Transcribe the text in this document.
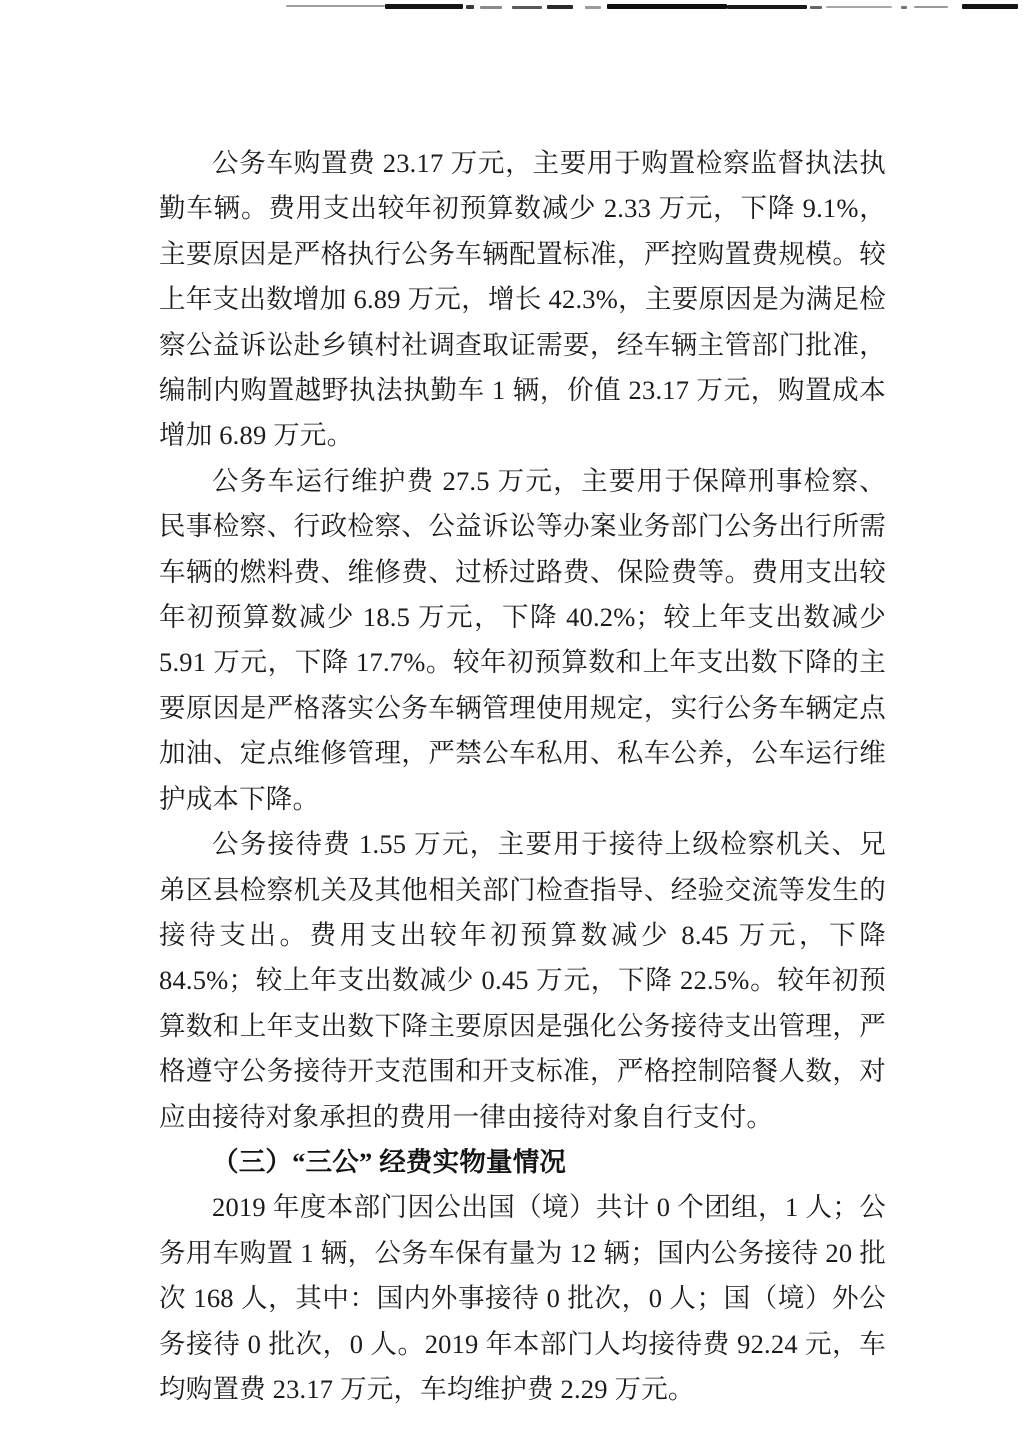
公务车购置费 23.17 万元，主要用于购置检察监督执法执勤车辆。费用支出较年初预算数减少 2.33 万元，下降 9.1%，主要原因是严格执行公务车辆配置标准，严控购置费规模。较上年支出数增加 6.89 万元，增长 42.3%，主要原因是为满足检察公益诉讼赴乡镇村社调查取证需要，经车辆主管部门批准，编制内购置越野执法执勤车 1 辆，价值 23.17 万元，购置成本增加 6.89 万元。

公务车运行维护费 27.5 万元，主要用于保障刑事检察、民事检察、行政检察、公益诉讼等办案业务部门公务出行所需车辆的燃料费、维修费、过桥过路费、保险费等。费用支出较年初预算数减少 18.5 万元，下降 40.2%；较上年支出数减少 5.91 万元，下降 17.7%。较年初预算数和上年支出数下降的主要原因是严格落实公务车辆管理使用规定，实行公务车辆定点加油、定点维修管理，严禁公车私用、私车公养，公车运行维护成本下降。

公务接待费 1.55 万元，主要用于接待上级检察机关、兄弟区县检察机关及其他相关部门检查指导、经验交流等发生的接待支出。费用支出较年初预算数减少 8.45 万元，下降 84.5%；较上年支出数减少 0.45 万元，下降 22.5%。较年初预算数和上年支出数下降主要原因是强化公务接待支出管理，严格遵守公务接待开支范围和开支标准，严格控制陪餐人数，对应由接待对象承担的费用一律由接待对象自行支付。

（三）“三公” 经费实物量情况

2019 年度本部门因公出国（境）共计 0 个团组，1 人；公务用车购置 1 辆，公务车保有量为 12 辆；国内公务接待 20 批次 168 人，其中：国内外事接待 0 批次，0 人；国（境）外公务接待 0 批次，0 人。2019 年本部门人均接待费 92.24 元，车均购置费 23.17 万元，车均维护费 2.29 万元。
